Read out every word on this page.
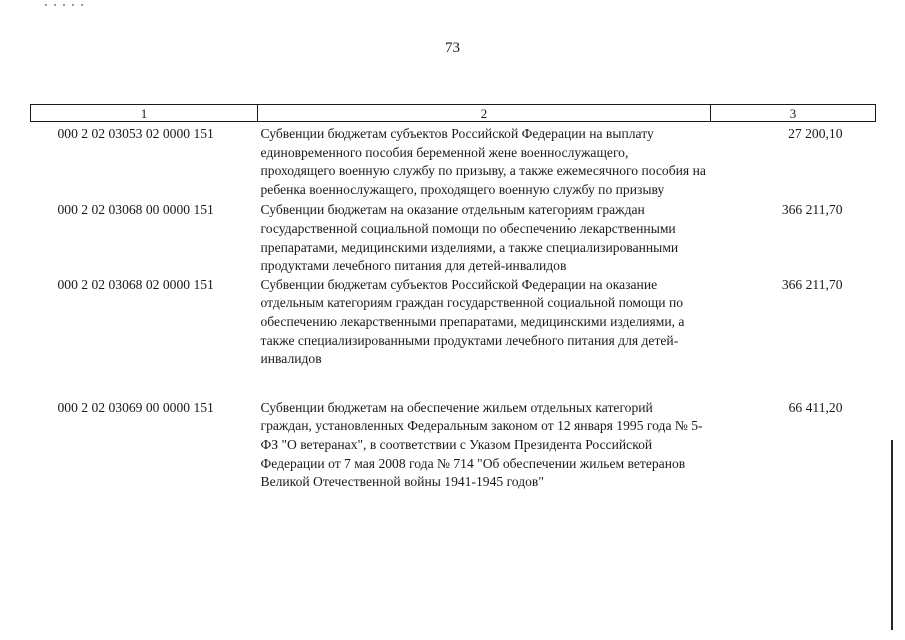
73
1	2	3
000 2 02 03053 02 0000 151	Субвенции бюджетам субъектов Российской Федерации на выплату единовременного пособия беременной жене военнослужащего, проходящего военную службу по призыву, а также ежемесячного пособия на ребенка военнослужащего, проходящего военную службу по призыву	27 200,10
000 2 02 03068 00 0000 151	Субвенции бюджетам на оказание отдельным категориям граждан государственной социальной помощи по обеспечению лекарственными препаратами, медицинскими изделиями, а также специализированными продуктами лечебного питания для детей-инвалидов	366 211,70
000 2 02 03068 02 0000 151	Субвенции бюджетам субъектов Российской Федерации на оказание отдельным категориям граждан государственной социальной помощи по обеспечению лекарственными препаратами, медицинскими изделиями, а также специализированными продуктами лечебного питания для детей-инвалидов	366 211,70
000 2 02 03069 00 0000 151	Субвенции бюджетам на обеспечение жильем отдельных категорий граждан, установленных Федеральным законом от 12 января 1995 года № 5-ФЗ "О ветеранах", в соответствии с Указом Президента Российской Федерации от 7 мая 2008 года № 714 "Об обеспечении жильем ветеранов Великой Отечественной войны 1941-1945 годов"	66 411,20
